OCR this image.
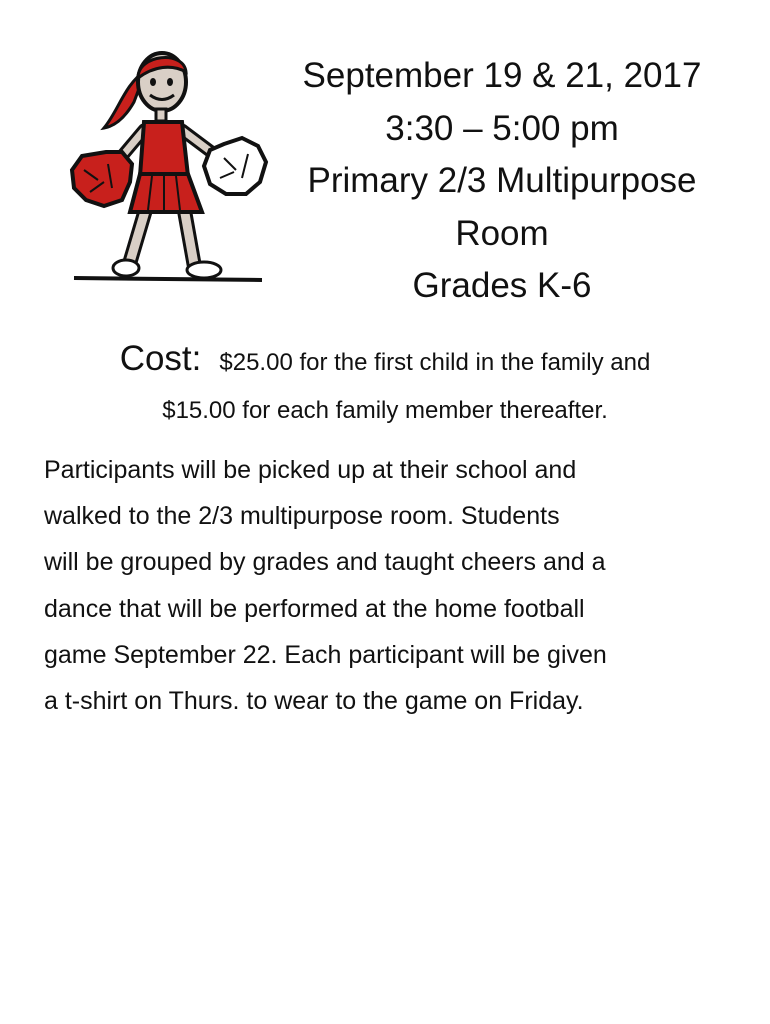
September 19 & 21, 2017
3:30 – 5:00 pm
Primary 2/3 Multipurpose
Room
Grades K-6
Cost: $25.00 for the first child in the family and
$15.00 for each family member thereafter.
Participants will be picked up at their school and
walked to the 2/3 multipurpose room. Students
will be grouped by grades and taught cheers and a
dance that will be performed at the home football
game September 22. Each participant will be given
a t-shirt on Thurs. to wear to the game on Friday.
